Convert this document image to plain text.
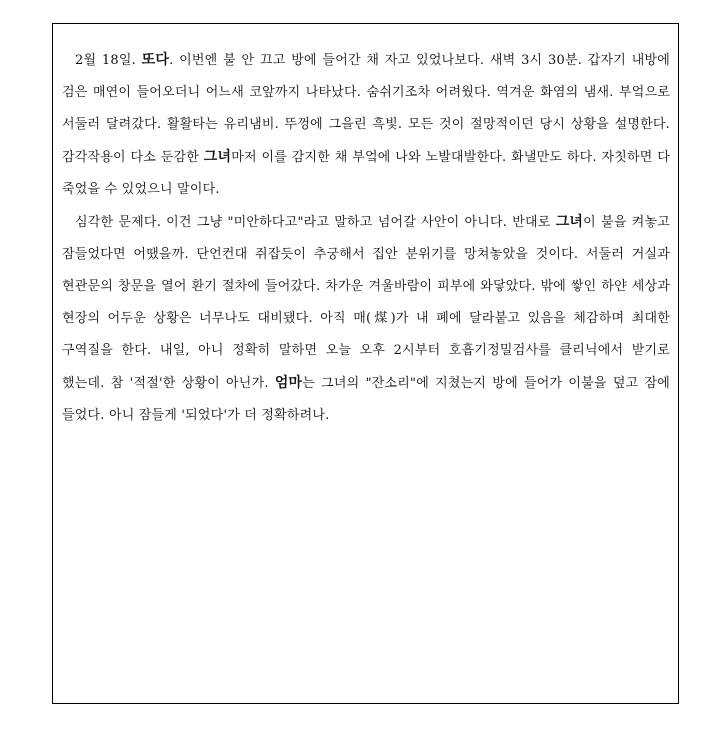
2월 18일. 또다. 이번엔 불 안 끄고 방에 들어간 채 자고 있었나보다. 새벽 3시 30분. 갑자기 내방에 검은 매연이 들어오더니 어느새 코앞까지 나타났다. 숨쉬기조차 어려웠다. 역겨운 화염의 냄새. 부엌으로 서둘러 달려갔다. 활활타는 유리냄비. 뚜껑에 그을린 흑빛. 모든 것이 절망적이던 당시 상황을 설명한다. 감각작용이 다소 둔감한 그녀마저 이를 감지한 채 부엌에 나와 노발대발한다. 화낼만도 하다. 자칫하면 다 죽었을 수 있었으니 말이다.

심각한 문제다. 이건 그냥 "미안하다고"라고 말하고 넘어갈 사안이 아니다. 반대로 그녀이 불을 켜놓고 잠들었다면 어땠을까. 단언컨대 쥐잡듯이 추궁해서 집안 분위기를 망쳐놓았을 것이다. 서둘러 거실과 현관문의 창문을 열어 환기 절차에 들어갔다. 차가운 겨울바람이 피부에 와닿았다. 밖에 쌓인 하얀 세상과 현장의 어두운 상황은 너무나도 대비됐다. 아직 매(煤)가 내 폐에 달라붙고 있음을 체감하며 최대한 구역질을 한다. 내일, 아니 정확히 말하면 오늘 오후 2시부터 호흡기정밀검사를 클리닉에서 받기로 했는데. 참 '적절'한 상황이 아닌가. 엄마는 그녀의 "잔소리"에 지쳤는지 방에 들어가 이불을 덮고 잠에 들었다. 아니 잠들게 '되었다'가 더 정확하려나.
